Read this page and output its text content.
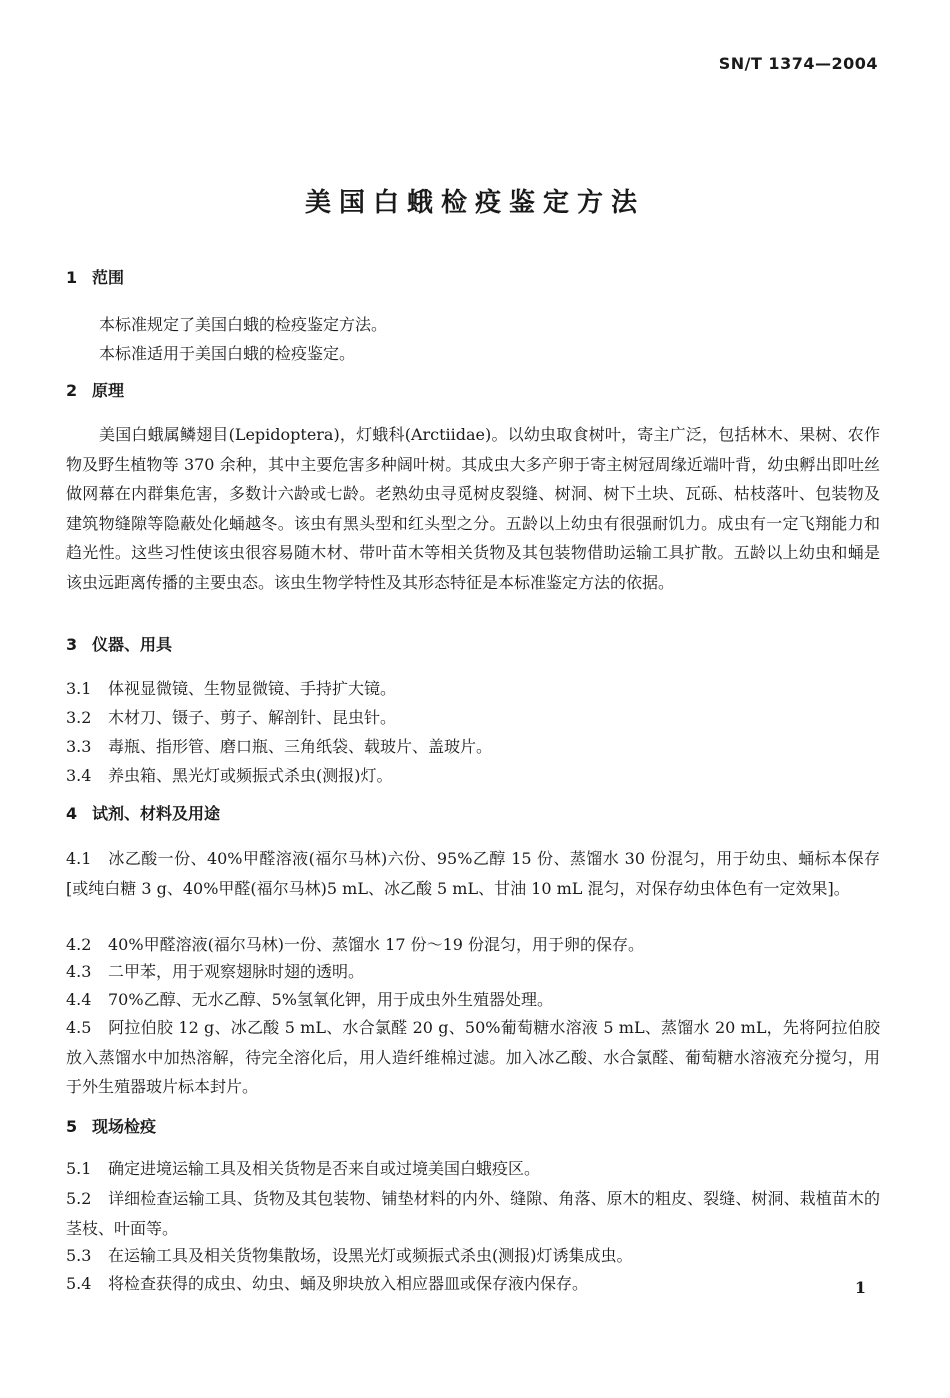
SN/T 1374—2004
美国白蛾检疫鉴定方法
1 范围
本标准规定了美国白蛾的检疫鉴定方法。
本标准适用于美国白蛾的检疫鉴定。
2 原理
美国白蛾属鳞翅目(Lepidoptera)，灯蛾科(Arctiidae)。以幼虫取食树叶，寄主广泛，包括林木、果树、农作物及野生植物等 370 余种，其中主要危害多种阔叶树。其成虫大多产卵于寄主树冠周缘近端叶背，幼虫孵出即吐丝做网幕在内群集危害，多数计六龄或七龄。老熟幼虫寻觅树皮裂缝、树洞、树下土块、瓦砾、枯枝落叶、包装物及建筑物缝隙等隐蔽处化蛹越冬。该虫有黑头型和红头型之分。五龄以上幼虫有很强耐饥力。成虫有一定飞翔能力和趋光性。这些习性使该虫很容易随木材、带叶苗木等相关货物及其包装物借助运输工具扩散。五龄以上幼虫和蛹是该虫远距离传播的主要虫态。该虫生物学特性及其形态特征是本标准鉴定方法的依据。
3 仪器、用具
3.1 体视显微镜、生物显微镜、手持扩大镜。
3.2 木材刀、镊子、剪子、解剖针、昆虫针。
3.3 毒瓶、指形管、磨口瓶、三角纸袋、载玻片、盖玻片。
3.4 养虫箱、黑光灯或频振式杀虫(测报)灯。
4 试剂、材料及用途
4.1 冰乙酸一份、40%甲醛溶液(福尔马林)六份、95%乙醇 15 份、蒸馏水 30 份混匀，用于幼虫、蛹标本保存[或纯白糖 3 g、40%甲醛(福尔马林)5 mL、冰乙酸 5 mL、甘油 10 mL 混匀，对保存幼虫体色有一定效果]。
4.2 40%甲醛溶液(福尔马林)一份、蒸馏水 17 份～19 份混匀，用于卵的保存。
4.3 二甲苯，用于观察翅脉时翅的透明。
4.4 70%乙醇、无水乙醇、5%氢氧化钾，用于成虫外生殖器处理。
4.5 阿拉伯胶 12 g、冰乙酸 5 mL、水合氯醛 20 g、50%葡萄糖水溶液 5 mL、蒸馏水 20 mL，先将阿拉伯胶放入蒸馏水中加热溶解，待完全溶化后，用人造纤维棉过滤。加入冰乙酸、水合氯醛、葡萄糖水溶液充分搅匀，用于外生殖器玻片标本封片。
5 现场检疫
5.1 确定进境运输工具及相关货物是否来自或过境美国白蛾疫区。
5.2 详细检查运输工具、货物及其包装物、铺垫材料的内外、缝隙、角落、原木的粗皮、裂缝、树洞、栽植苗木的茎枝、叶面等。
5.3 在运输工具及相关货物集散场，设黑光灯或频振式杀虫(测报)灯诱集成虫。
5.4 将检查获得的成虫、幼虫、蛹及卵块放入相应器皿或保存液内保存。	1
